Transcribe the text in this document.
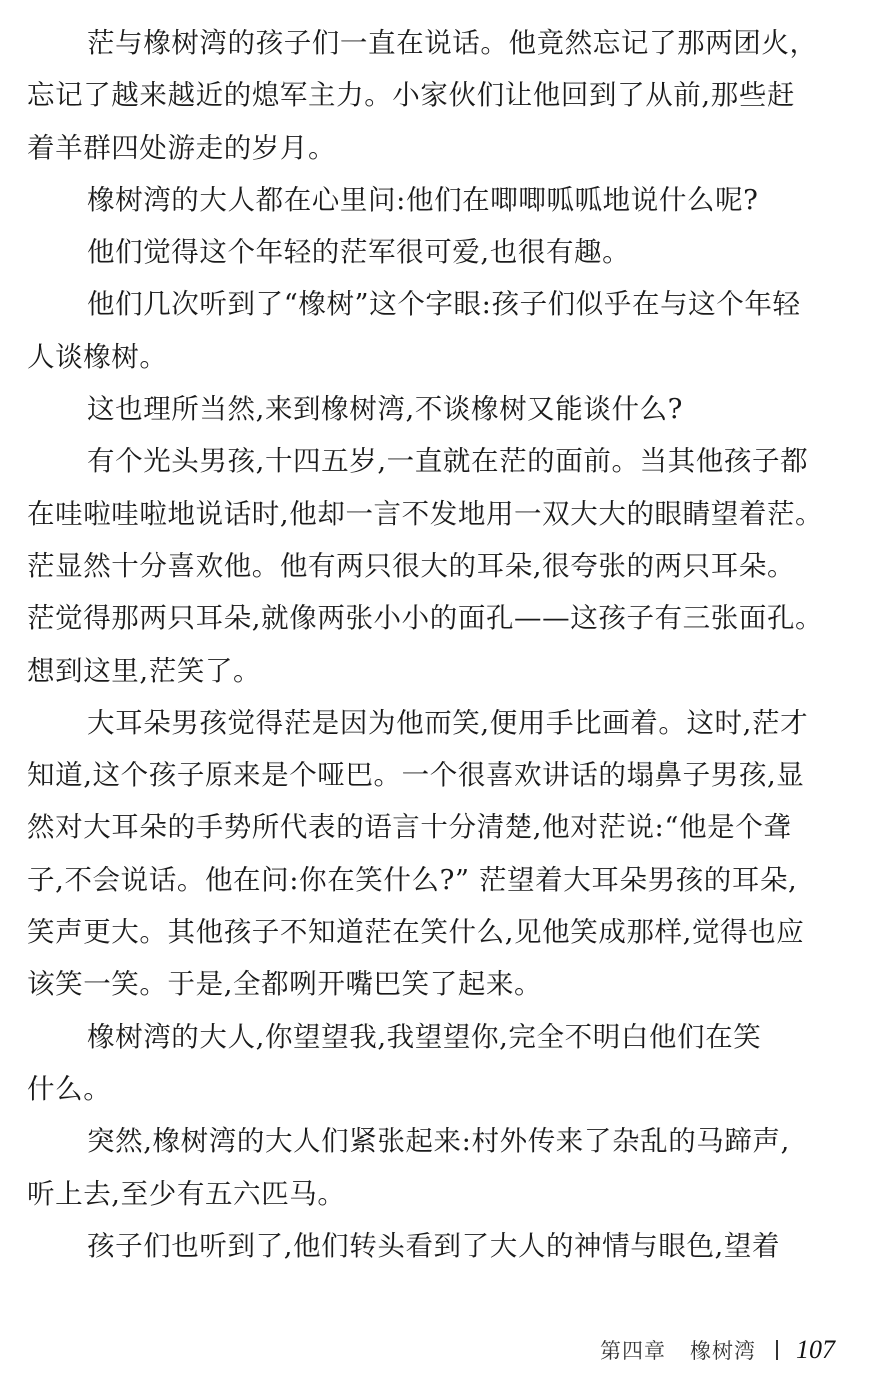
茫与橡树湾的孩子们一直在说话。他竟然忘记了那两团火，
忘记了越来越近的熄军主力。小家伙们让他回到了从前,那些赶
着羊群四处游走的岁月。
橡树湾的大人都在心里问:他们在唧唧呱呱地说什么呢?
他们觉得这个年轻的茫军很可爱,也很有趣。
他们几次听到了“橡树”这个字眼:孩子们似乎在与这个年轻
人谈橡树。
这也理所当然,来到橡树湾,不谈橡树又能谈什么?
有个光头男孩,十四五岁,一直就在茫的面前。当其他孩子都
在哇啦哇啦地说话时,他却一言不发地用一双大大的眼睛望着茫。
茫显然十分喜欢他。他有两只很大的耳朵,很夸张的两只耳朵。
茫觉得那两只耳朵,就像两张小小的面孔——这孩子有三张面孔。
想到这里,茫笑了。
大耳朵男孩觉得茫是因为他而笑,便用手比画着。这时,茫才
知道,这个孩子原来是个哑巴。一个很喜欢讲话的塌鼻子男孩,显
然对大耳朵的手势所代表的语言十分清楚,他对茫说:“他是个聋
子,不会说话。他在问:你在笑什么?” 茫望着大耳朵男孩的耳朵,
笑声更大。其他孩子不知道茫在笑什么,见他笑成那样,觉得也应
该笑一笑。于是,全都咧开嘴巴笑了起来。
橡树湾的大人,你望望我,我望望你,完全不明白他们在笑
什么。
突然,橡树湾的大人们紧张起来:村外传来了杂乱的马蹄声,
听上去,至少有五六匹马。
孩子们也听到了,他们转头看到了大人的神情与眼色,望着
第四章 橡树湾 107
